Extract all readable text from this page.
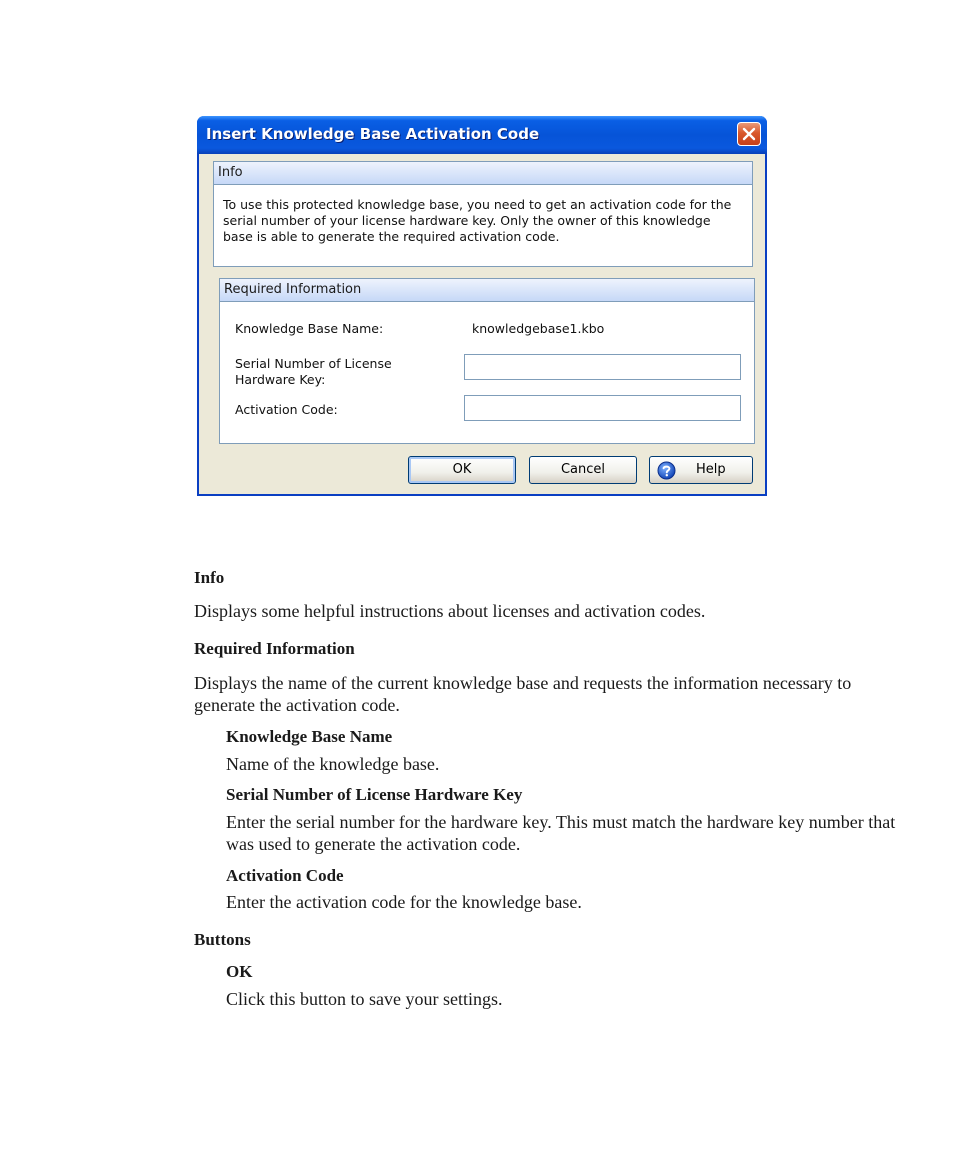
Insert Knowledge Base Activation Code
Info
To use this protected knowledge base, you need to get an activation code for the serial number of your license hardware key. Only the owner of this knowledge base is able to generate the required activation code.
Required Information
Knowledge Base Name:	knowledgebase1.kbo
Serial Number of License
Hardware Key:
Activation Code:
OK	Cancel	Help
Info

Displays some helpful instructions about licenses and activation codes.

Required Information

Displays the name of the current knowledge base and requests the information necessary to generate the activation code.

Knowledge Base Name

Name of the knowledge base.

Serial Number of License Hardware Key

Enter the serial number for the hardware key. This must match the hardware key number that was used to generate the activation code.

Activation Code

Enter the activation code for the knowledge base.

Buttons
OK

Click this button to save your settings.
